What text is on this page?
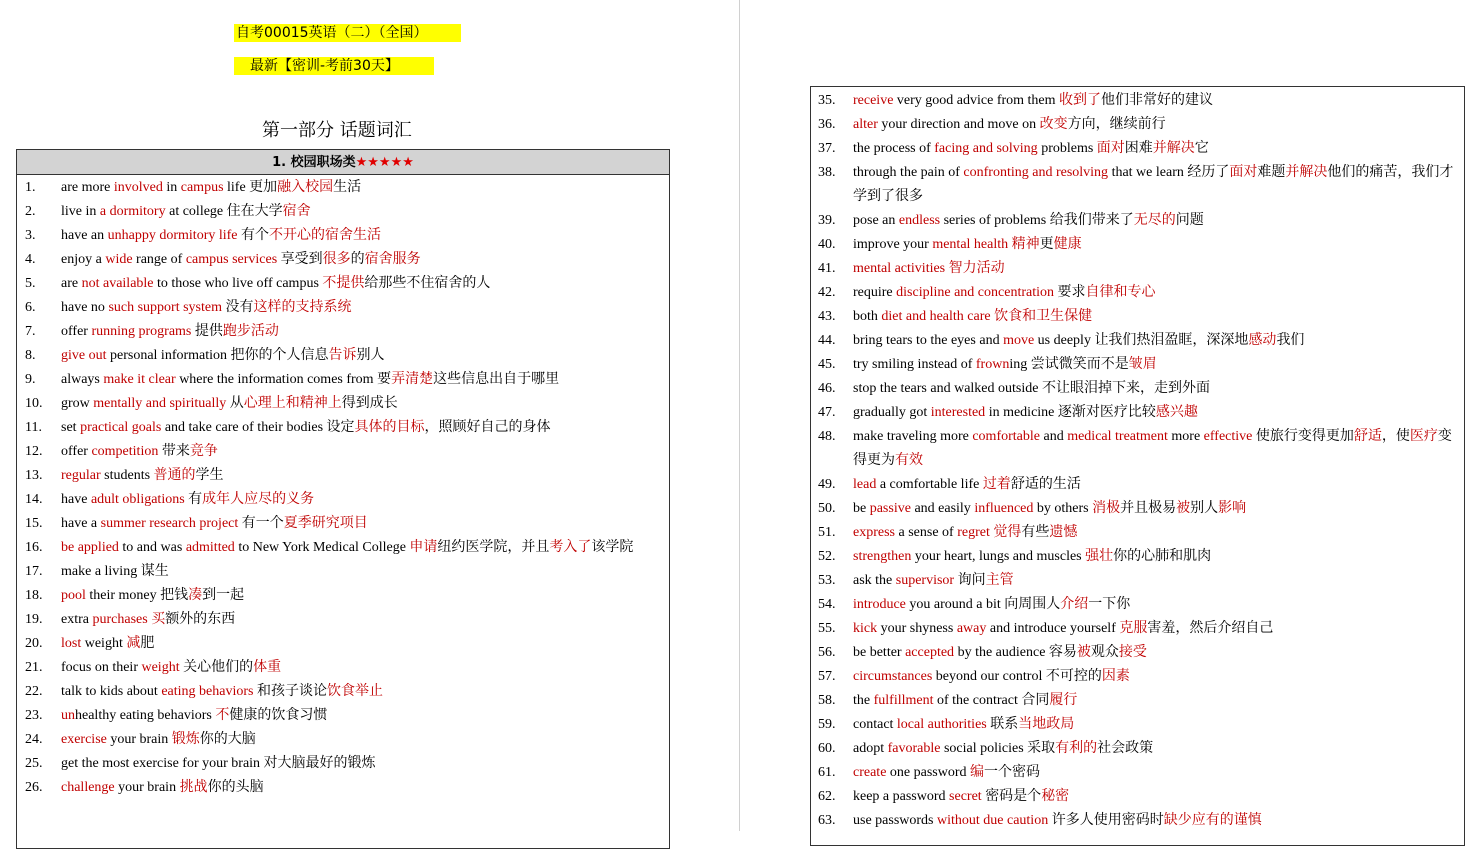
自考00015英语（二）（全国）
最新【密训-考前30天】
第一部分 话题词汇
1. 校园职场类★★★★★
1.	are more involved in campus life 更加融入校园生活
2.	live in a dormitory at college 住在大学宿舍
3.	have an unhappy dormitory life 有个不开心的宿舍生活
4.	enjoy a wide range of campus services 享受到很多的宿舍服务
5.	are not available to those who live off campus 不提供给那些不住宿舍的人
6.	have no such support system 没有这样的支持系统
7.	offer running programs 提供跑步活动
8.	give out personal information 把你的个人信息告诉别人
9.	always make it clear where the information comes from 要弄清楚这些信息出自于哪里
10.	grow mentally and spiritually 从心理上和精神上得到成长
11.	set practical goals and take care of their bodies 设定具体的目标，照顾好自己的身体
12.	offer competition 带来竞争
13.	regular students 普通的学生
14.	have adult obligations 有成年人应尽的义务
15.	have a summer research project 有一个夏季研究项目
16.	be applied to and was admitted to New York Medical College 申请纽约医学院，并且考入了该学院
17.	make a living 谋生
18.	pool their money 把钱凑到一起
19.	extra purchases 买额外的东西
20.	lost weight 减肥
21.	focus on their weight 关心他们的体重
22.	talk to kids about eating behaviors 和孩子谈论饮食举止
23.	unhealthy eating behaviors 不健康的饮食习惯
24.	exercise your brain 锻炼你的大脑
25.	get the most exercise for your brain 对大脑最好的锻炼
26.	challenge your brain 挑战你的头脑
35.	receive very good advice from them 收到了他们非常好的建议
36.	alter your direction and move on 改变方向，继续前行
37.	the process of facing and solving problems 面对困难并解决它
38.	through the pain of confronting and resolving that we learn 经历了面对难题并解决他们的痛苦，我们才学到了很多
39.	pose an endless series of problems 给我们带来了无尽的问题
40.	improve your mental health 精神更健康
41.	mental activities 智力活动
42.	require discipline and concentration 要求自律和专心
43.	both diet and health care 饮食和卫生保健
44.	bring tears to the eyes and move us deeply 让我们热泪盈眶，深深地感动我们
45.	try smiling instead of frowning 尝试微笑而不是皱眉
46.	stop the tears and walked outside 不让眼泪掉下来，走到外面
47.	gradually got interested in medicine 逐渐对医疗比较感兴趣
48.	make traveling more comfortable and medical treatment more effective 使旅行变得更加舒适，使医疗变得更为有效
49.	lead a comfortable life 过着舒适的生活
50.	be passive and easily influenced by others 消极并且极易被别人影响
51.	express a sense of regret 觉得有些遗憾
52.	strengthen your heart, lungs and muscles 强壮你的心肺和肌肉
53.	ask the supervisor 询问主管
54.	introduce you around a bit 向周围人介绍一下你
55.	kick your shyness away and introduce yourself 克服害羞，然后介绍自己
56.	be better accepted by the audience 容易被观众接受
57.	circumstances beyond our control 不可控的因素
58.	the fulfillment of the contract 合同履行
59.	contact local authorities 联系当地政局
60.	adopt favorable social policies 采取有利的社会政策
61.	create one password 编一个密码
62.	keep a password secret 密码是个秘密
63.	use passwords without due caution 许多人使用密码时缺少应有的谨慎
